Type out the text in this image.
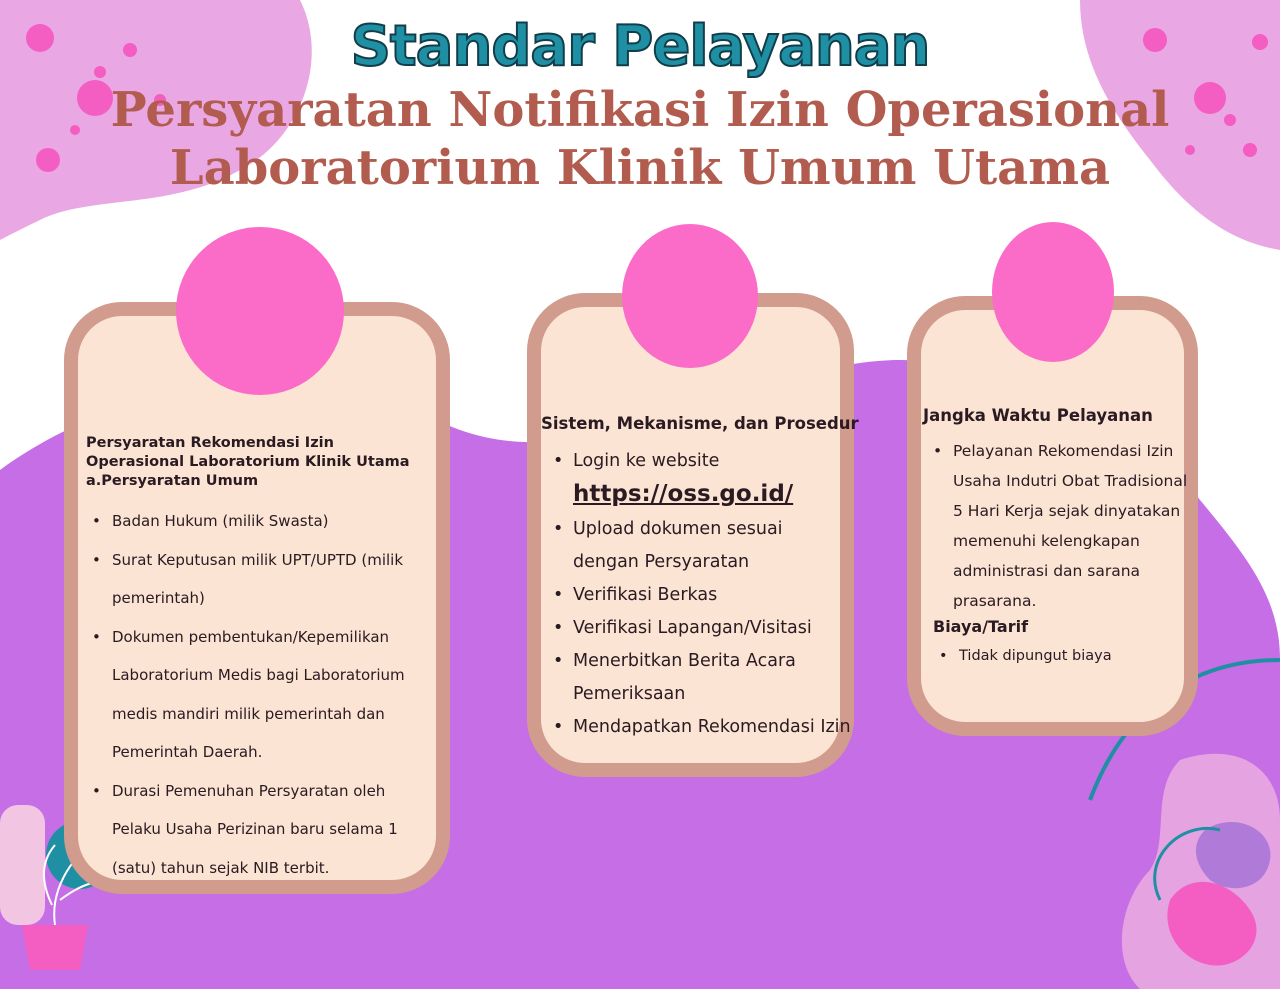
Standar Pelayanan
Persyaratan Notifikasi Izin Operasional
Laboratorium Klinik Umum Utama
Persyaratan Rekomendasi Izin
Operasional Laboratorium Klinik Utama
a.Persyaratan Umum
• Badan Hukum (milik Swasta)
• Surat Keputusan milik UPT/UPTD (milik pemerintah)
• Dokumen pembentukan/Kepemilikan Laboratorium Medis bagi Laboratorium medis mandiri milik pemerintah dan Pemerintah Daerah.
• Durasi Pemenuhan Persyaratan oleh Pelaku Usaha Perizinan baru selama 1 (satu) tahun sejak NIB terbit.
Sistem, Mekanisme, dan Prosedur
• Login ke website
https://oss.go.id/
• Upload dokumen sesuai dengan Persyaratan
• Verifikasi Berkas
• Verifikasi Lapangan/Visitasi
• Menerbitkan Berita Acara Pemeriksaan
• Mendapatkan Rekomendasi Izin
Jangka Waktu Pelayanan
• Pelayanan Rekomendasi Izin Usaha Indutri Obat Tradisional 5 Hari Kerja sejak dinyatakan memenuhi kelengkapan administrasi dan sarana prasarana.
Biaya/Tarif
• Tidak dipungut biaya
